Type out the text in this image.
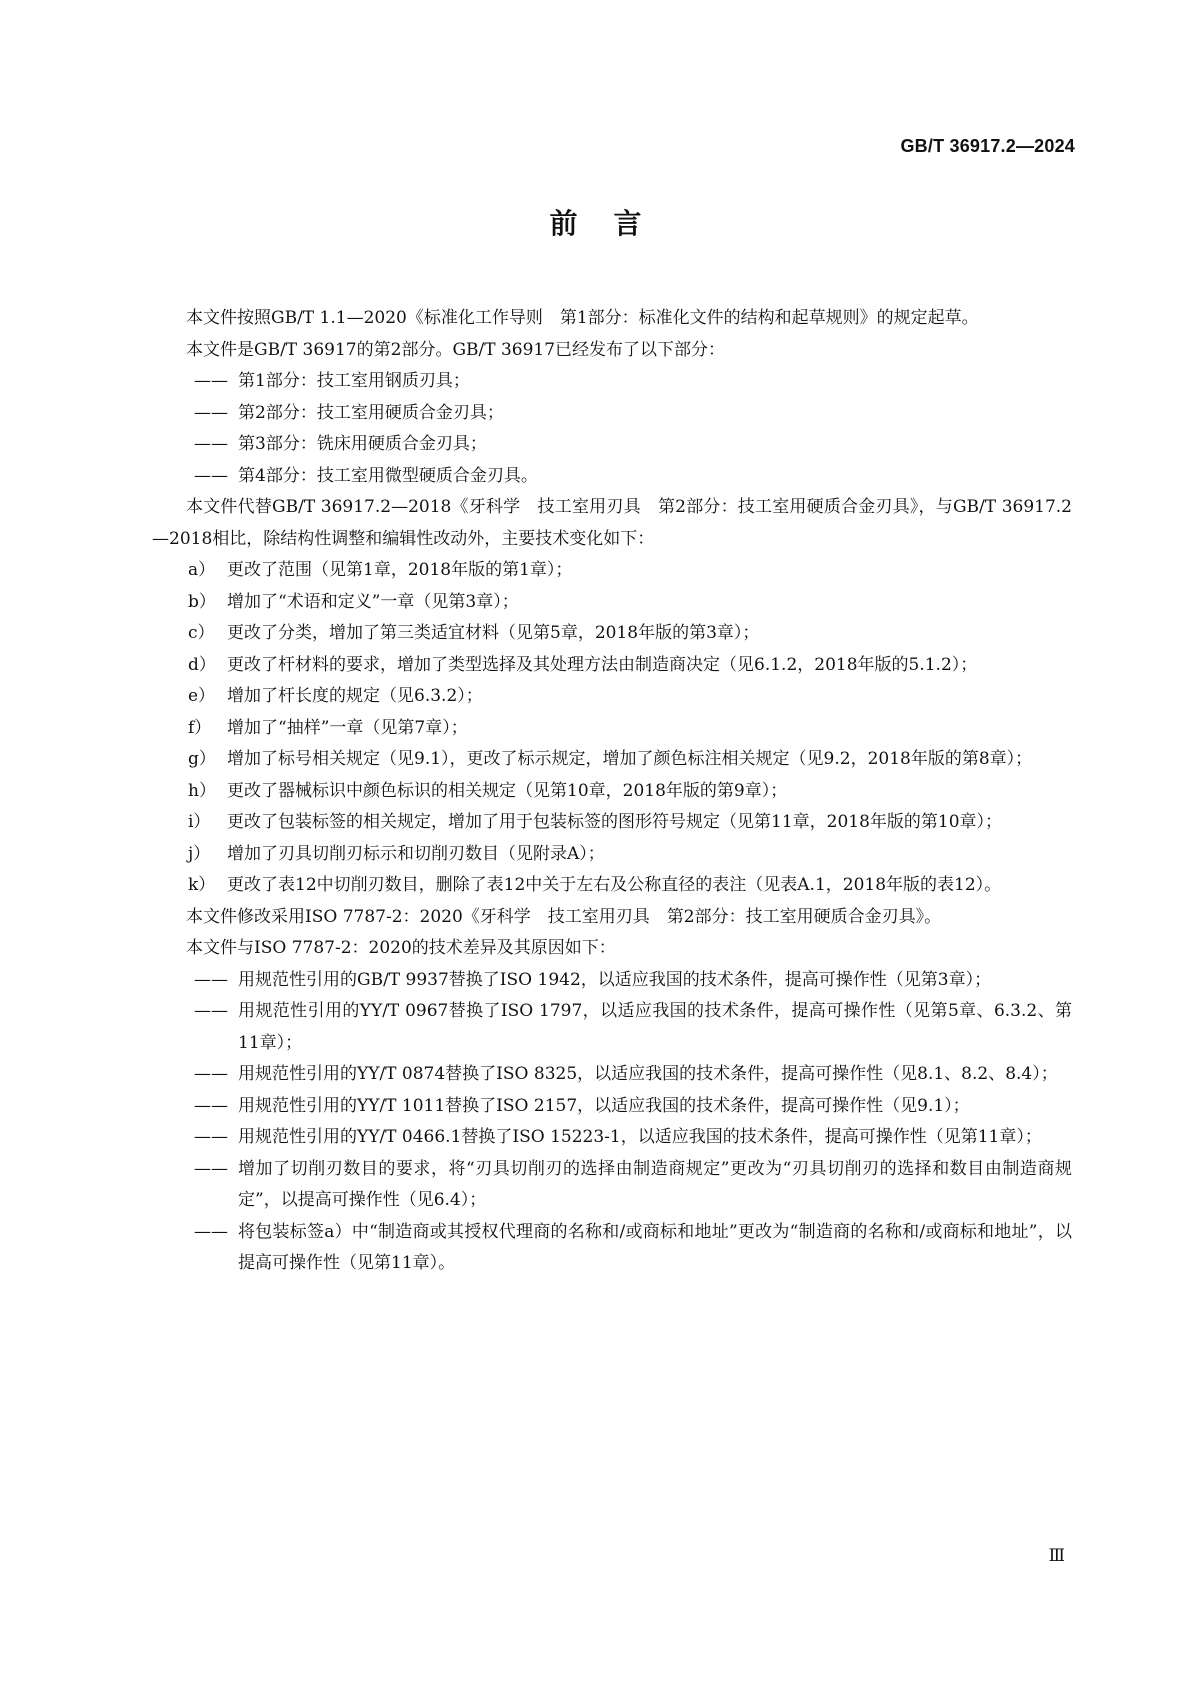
GB/T 36917.2—2024
前言

本文件按照GB/T 1.1—2020《标准化工作导则　第1部分：标准化文件的结构和起草规则》的规定起草。

本文件是GB/T 36917的第2部分。GB/T 36917已经发布了以下部分：

—— 第1部分：技工室用钢质刃具；
—— 第2部分：技工室用硬质合金刃具；
—— 第3部分：铣床用硬质合金刃具；
—— 第4部分：技工室用微型硬质合金刃具。

本文件代替GB/T 36917.2—2018《牙科学　技工室用刃具　第2部分：技工室用硬质合金刃具》，与GB/T 36917.2—2018相比，除结构性调整和编辑性改动外，主要技术变化如下：

a） 更改了范围（见第1章，2018年版的第1章）；
b） 增加了“术语和定义”一章（见第3章）；
c） 更改了分类，增加了第三类适宜材料（见第5章，2018年版的第3章）；
d） 更改了杆材料的要求，增加了类型选择及其处理方法由制造商决定（见6.1.2，2018年版的5.1.2）；
e） 增加了杆长度的规定（见6.3.2）；
f） 增加了“抽样”一章（见第7章）；
g） 增加了标号相关规定（见9.1），更改了标示规定，增加了颜色标注相关规定（见9.2，2018年版的第8章）；
h） 更改了器械标识中颜色标识的相关规定（见第10章，2018年版的第9章）；
i） 更改了包装标签的相关规定，增加了用于包装标签的图形符号规定（见第11章，2018年版的第10章）；
j） 增加了刃具切削刃标示和切削刃数目（见附录A）；
k） 更改了表12中切削刃数目，删除了表12中关于左右及公称直径的表注（见表A.1，2018年版的表12）。

本文件修改采用ISO 7787-2：2020《牙科学　技工室用刃具　第2部分：技工室用硬质合金刃具》。

本文件与ISO 7787-2：2020的技术差异及其原因如下：

—— 用规范性引用的GB/T 9937替换了ISO 1942，以适应我国的技术条件，提高可操作性（见第3章）；
—— 用规范性引用的YY/T 0967替换了ISO 1797，以适应我国的技术条件，提高可操作性（见第5章、6.3.2、第11章）；
—— 用规范性引用的YY/T 0874替换了ISO 8325，以适应我国的技术条件，提高可操作性（见8.1、8.2、8.4）；
—— 用规范性引用的YY/T 1011替换了ISO 2157，以适应我国的技术条件，提高可操作性（见9.1）；
—— 用规范性引用的YY/T 0466.1替换了ISO 15223-1，以适应我国的技术条件，提高可操作性（见第11章）；
—— 增加了切削刃数目的要求，将“刃具切削刃的选择由制造商规定”更改为“刃具切削刃的选择和数目由制造商规定”，以提高可操作性（见6.4）；
—— 将包装标签a）中“制造商或其授权代理商的名称和/或商标和地址”更改为“制造商的名称和/或商标和地址”，以提高可操作性（见第11章）。
Ⅲ
